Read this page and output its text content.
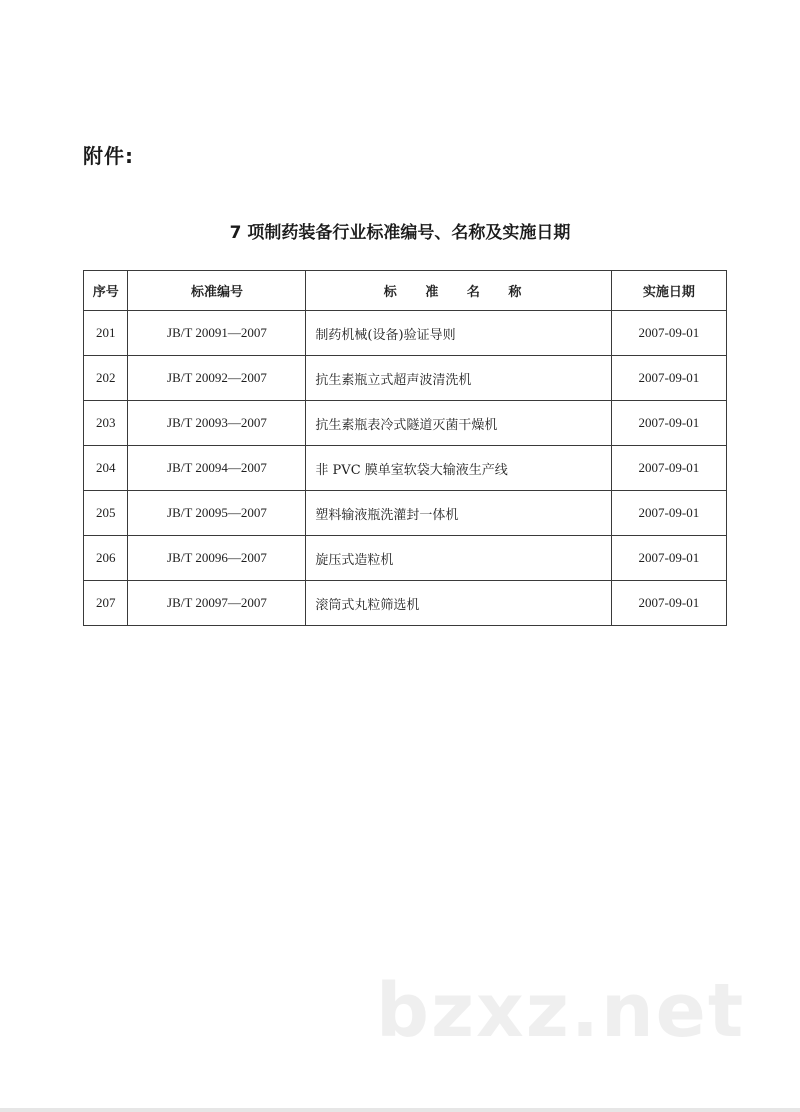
附件:
7 项制药装备行业标准编号、名称及实施日期
序号	标准编号	标 准 名 称	实施日期
201	JB/T 20091—2007	制药机械(设备)验证导则	2007-09-01
202	JB/T 20092—2007	抗生素瓶立式超声波清洗机	2007-09-01
203	JB/T 20093—2007	抗生素瓶表冷式隧道灭菌干燥机	2007-09-01
204	JB/T 20094—2007	非 PVC 膜单室软袋大输液生产线	2007-09-01
205	JB/T 20095—2007	塑料输液瓶洗灌封一体机	2007-09-01
206	JB/T 20096—2007	旋压式造粒机	2007-09-01
207	JB/T 20097—2007	滚筒式丸粒筛选机	2007-09-01
bzxz.net
